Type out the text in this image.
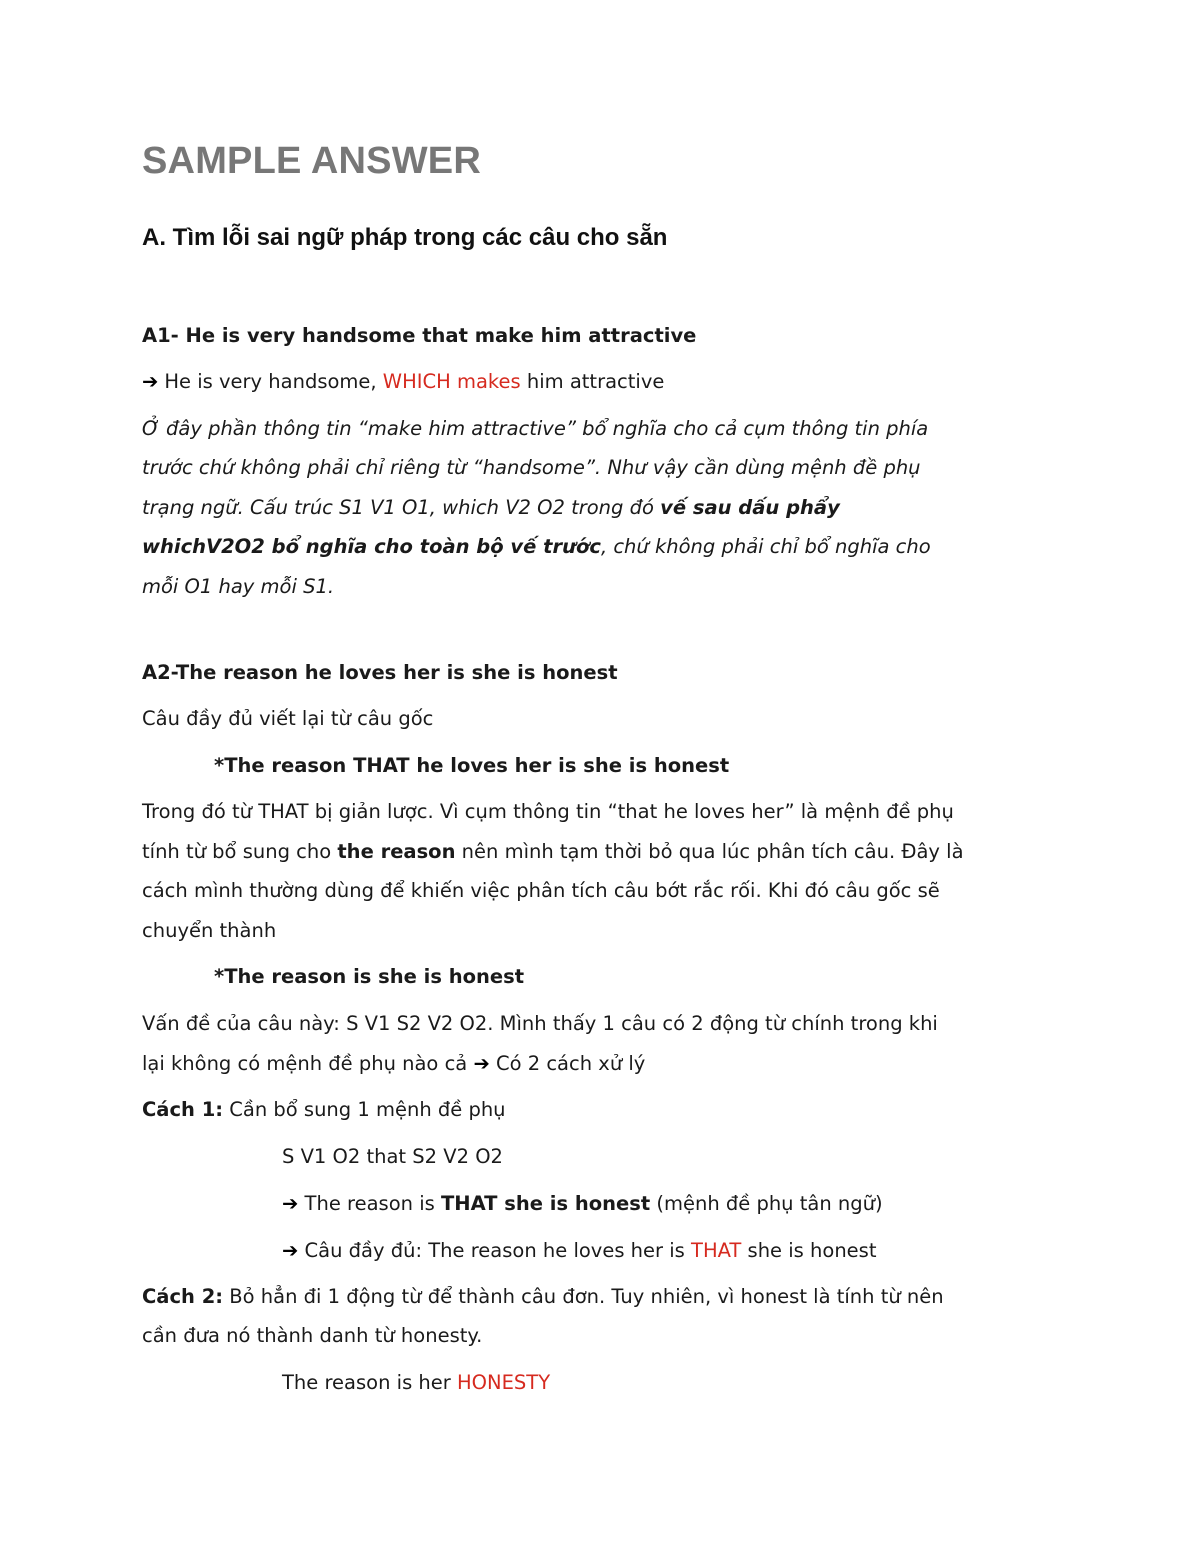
SAMPLE ANSWER
A. Tìm lỗi sai ngữ pháp trong các câu cho sẵn
A1- He is very handsome that make him attractive
➔ He is very handsome, WHICH makes him attractive
Ở đây phần thông tin “make him attractive” bổ nghĩa cho cả cụm thông tin phía
trước chứ không phải chỉ riêng từ “handsome”. Như vậy cần dùng mệnh đề phụ
trạng ngữ. Cấu trúc S1 V1 O1, which V2 O2 trong đó vế sau dấu phẩy
whichV2O2 bổ nghĩa cho toàn bộ vế trước, chứ không phải chỉ bổ nghĩa cho
mỗi O1 hay mỗi S1.
A2-The reason he loves her is she is honest
Câu đầy đủ viết lại từ câu gốc
*The reason THAT he loves her is she is honest
Trong đó từ THAT bị giản lược. Vì cụm thông tin “that he loves her” là mệnh đề phụ
tính từ bổ sung cho the reason nên mình tạm thời bỏ qua lúc phân tích câu. Đây là
cách mình thường dùng để khiến việc phân tích câu bớt rắc rối. Khi đó câu gốc sẽ
chuyển thành
*The reason is she is honest
Vấn đề của câu này: S V1 S2 V2 O2. Mình thấy 1 câu có 2 động từ chính trong khi
lại không có mệnh đề phụ nào cả ➔ Có 2 cách xử lý
Cách 1: Cần bổ sung 1 mệnh đề phụ
S V1 O2 that S2 V2 O2
➔ The reason is THAT she is honest (mệnh đề phụ tân ngữ)
➔ Câu đầy đủ: The reason he loves her is THAT she is honest
Cách 2: Bỏ hẳn đi 1 động từ để thành câu đơn. Tuy nhiên, vì honest là tính từ nên
cần đưa nó thành danh từ honesty.
The reason is her HONESTY
